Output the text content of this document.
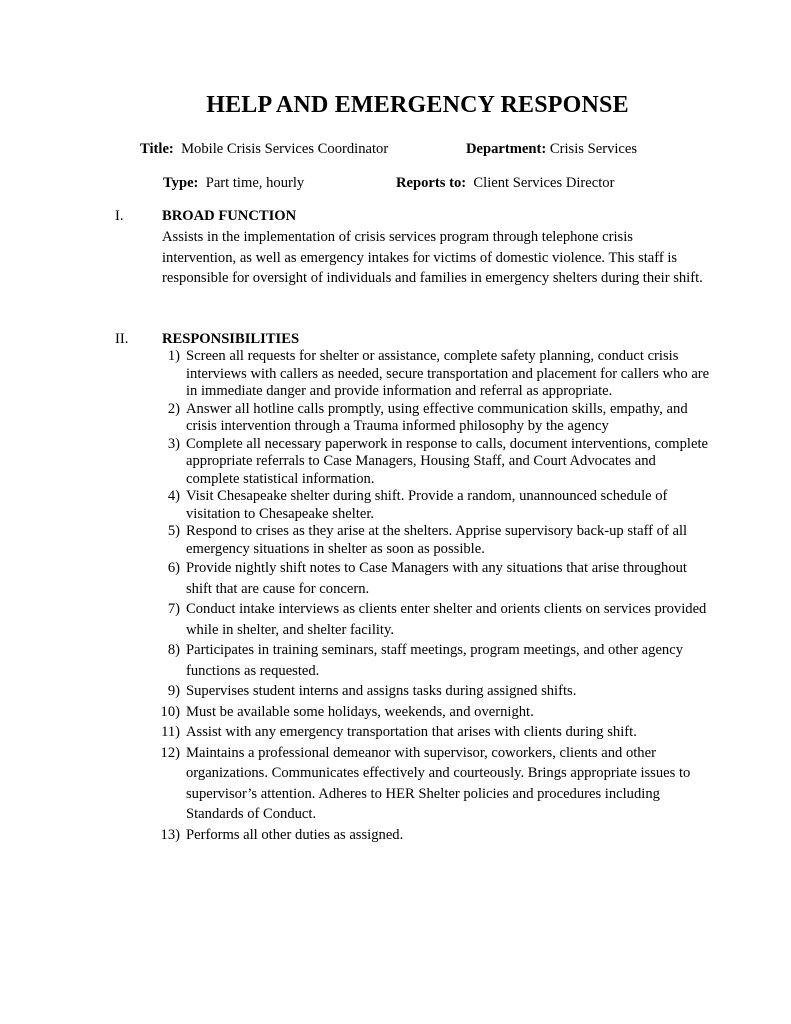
HELP AND EMERGENCY RESPONSE
Title: Mobile Crisis Services Coordinator	Department: Crisis Services
Type: Part time, hourly	Reports to: Client Services Director
I.	BROAD FUNCTION

Assists in the implementation of crisis services program through telephone crisis intervention, as well as emergency intakes for victims of domestic violence. This staff is responsible for oversight of individuals and families in emergency shelters during their shift.

II. RESPONSIBILITIES
1) Screen all requests for shelter or assistance, complete safety planning, conduct crisis interviews with callers as needed, secure transportation and placement for callers who are in immediate danger and provide information and referral as appropriate.
2) Answer all hotline calls promptly, using effective communication skills, empathy, and crisis intervention through a Trauma informed philosophy by the agency
3) Complete all necessary paperwork in response to calls, document interventions, complete appropriate referrals to Case Managers, Housing Staff, and Court Advocates and complete statistical information.
4) Visit Chesapeake shelter during shift. Provide a random, unannounced schedule of visitation to Chesapeake shelter.
5) Respond to crises as they arise at the shelters. Apprise supervisory back-up staff of all emergency situations in shelter as soon as possible.
6) Provide nightly shift notes to Case Managers with any situations that arise throughout shift that are cause for concern.
7) Conduct intake interviews as clients enter shelter and orients clients on services provided while in shelter, and shelter facility.
8) Participates in training seminars, staff meetings, program meetings, and other agency functions as requested.
9) Supervises student interns and assigns tasks during assigned shifts.
10) Must be available some holidays, weekends, and overnight.
11) Assist with any emergency transportation that arises with clients during shift.
12) Maintains a professional demeanor with supervisor, coworkers, clients and other organizations. Communicates effectively and courteously. Brings appropriate issues to supervisor’s attention. Adheres to HER Shelter policies and procedures including Standards of Conduct.
13) Performs all other duties as assigned.
